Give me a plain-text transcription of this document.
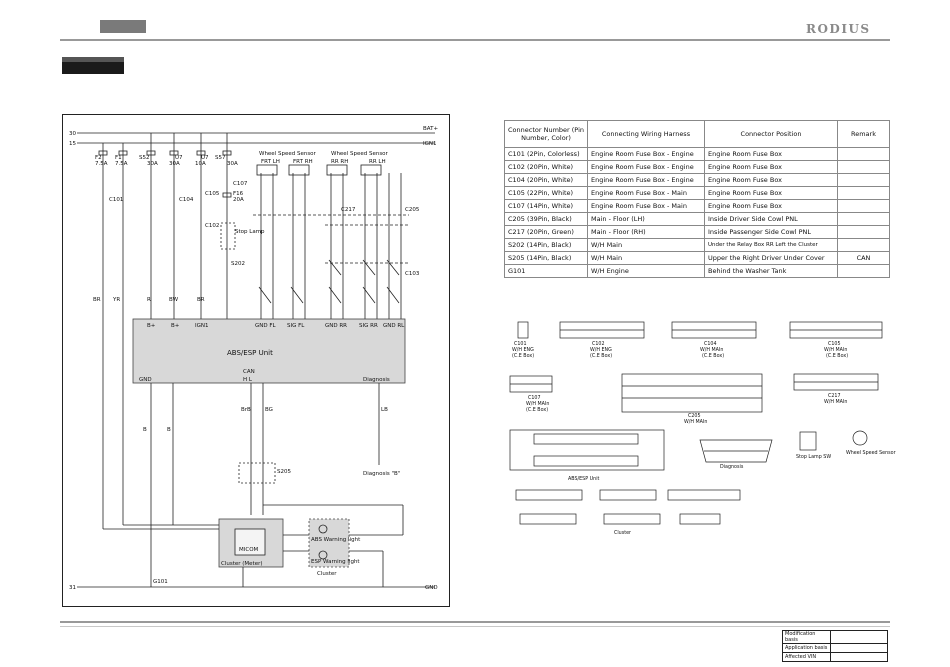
RODIUS
30
BAT+
15	IGN1
F2
7.5A
F1
7.5A
S52
30A
U7
30A
U7
10A
S57
30A
F16
20A
Wheel Speed Sensor
FRT LH FRT RH
Wheel Speed Sensor
RR RH	RR LH
C101	C104
C105
C107
C102
C217	C205
C103
S202
S205
G101
Stop Lamp
B+	B+	IGN1	GND FL SIG FL	GND RR SIG RR GND RL
GND
CAN
H L	Diagnosis
Diagnosis "B"
BR YR	R	BW	BR
B	B
BrB	BG	LB
MICOM
Cluster (Meter)
ABS Warning light
ESP Warning light
Cluster
31	GND
ABS/ESP Unit
Connector Number (Pin Number, Color)	Connecting Wiring Harness	Connector Position	Remark
C101 (2Pin, Colorless)	Engine Room Fuse Box - Engine	Engine Room Fuse Box	
C102 (20Pin, White)	Engine Room Fuse Box - Engine	Engine Room Fuse Box	
C104 (20Pin, White)	Engine Room Fuse Box - Engine	Engine Room Fuse Box	
C105 (22Pin, White)	Engine Room Fuse Box - Main	Engine Room Fuse Box	
C107 (14Pin, White)	Engine Room Fuse Box - Main	Engine Room Fuse Box	
C205 (39Pin, Black)	Main - Floor (LH)	Inside Driver Side Cowl PNL	
C217 (20Pin, Green)	Main - Floor (RH)	Inside Passenger Side Cowl PNL	
S202 (14Pin, Black)	W/H Main	Under the Relay Box RR Left the Cluster	
S205 (14Pin, Black)	W/H Main	Upper the Right Driver Under Cover	CAN
G101	W/H Engine	Behind the Washer Tank	
C101
W/H ENG
(C.E Box)
C102
W/H ENG
(C.E Box)
C104
W/H MAIn
(C.E Box)
C105
W/H MAIn
(C.E Box)
C107
W/H MAIn
(C.E Box)
C205
W/H MAIn
C217
W/H MAIn
ABS/ESP Unit
Diagnosis
Stop Lamp SW
Wheel Speed Sensor
Cluster
Modification basis	
Application basis	
Affected VIN	
